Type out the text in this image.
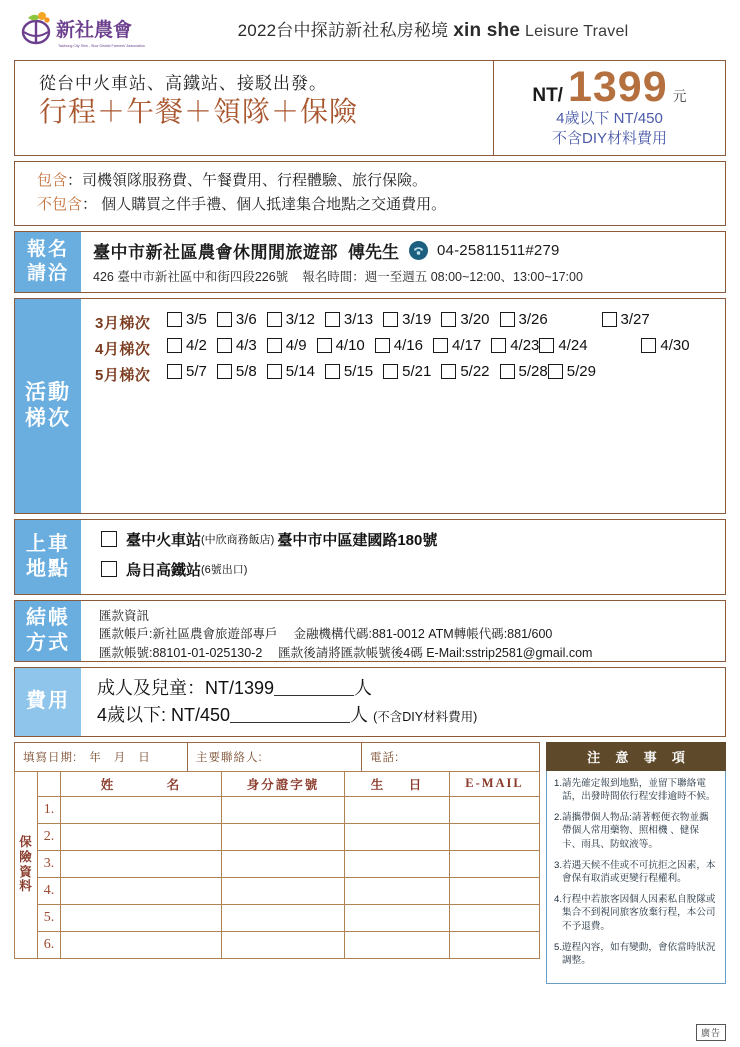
新社農會
Taichung City Shin - Shor District Farmers' Association
2022台中探訪新社私房秘境 xin she Leisure Travel
從台中火車站、高鐵站、接駁出發。
行程＋午餐＋領隊＋保險
NT/ 1399 元
4歲以下 NT/450
不含DIY材料費用
包含：司機領隊服務費、午餐費用、行程體驗、旅行保險。
不包含： 個人購買之伴手禮、個人抵達集合地點之交通費用。
報名
請洽
臺中市新社區農會休閒閒旅遊部 傅先生	04-25811511#279
426 臺中市新社區中和街四段226號 報名時間：週一至週五 08:00~12:00、13:00~17:00
活動
梯次
3月梯次	3/5 3/6 3/12 3/13 3/19 3/20 3/26	3/27
4月梯次	4/2 4/3 4/9 4/10 4/16 4/17 4/23 4/24	4/30
5月梯次	5/7 5/8 5/14 5/15 5/21 5/22 5/28 5/29
上車
地點
臺中火車站 (中欣商務飯店) 臺中市中區建國路180號
烏日高鐵站 (6號出口)
結帳
方式
匯款資訊
匯款帳戶:新社區農會旅遊部專戶 金融機構代碼:881-0012 ATM轉帳代碼:881/600
匯款帳號:88101-01-025130-2 匯款後請將匯款帳號後4碼 E-Mail:sstrip2581@gmail.com
費用
成人及兒童：NT/1399	人
4歲以下: NT/450	人 (不含DIY材料費用)
填寫日期: 年 月 日	主要聯絡人:	電話:
保險資料		姓 名	身分證字號	生 日	E-MAIL
	1.				
	2.				
	3.				
	4.				
	5.				
	6.				
注 意 事 項
1. 請先確定報到地點，並留下聯絡電話，出發時間依行程安排逾時不候。
2. 請攜帶個人物品:請著輕便衣物並攜帶個人常用藥物、照相機 、健保卡、雨具、防蚊液等。
3. 若遇天候不佳或不可抗拒之因素，本會保有取消或更變行程權利。
4. 行程中若旅客因個人因素私自脫隊或集合不到視同旅客放棄行程，本公司不予退費。
5. 遊程內容，如有變動，會依當時狀況調整。
廣告
